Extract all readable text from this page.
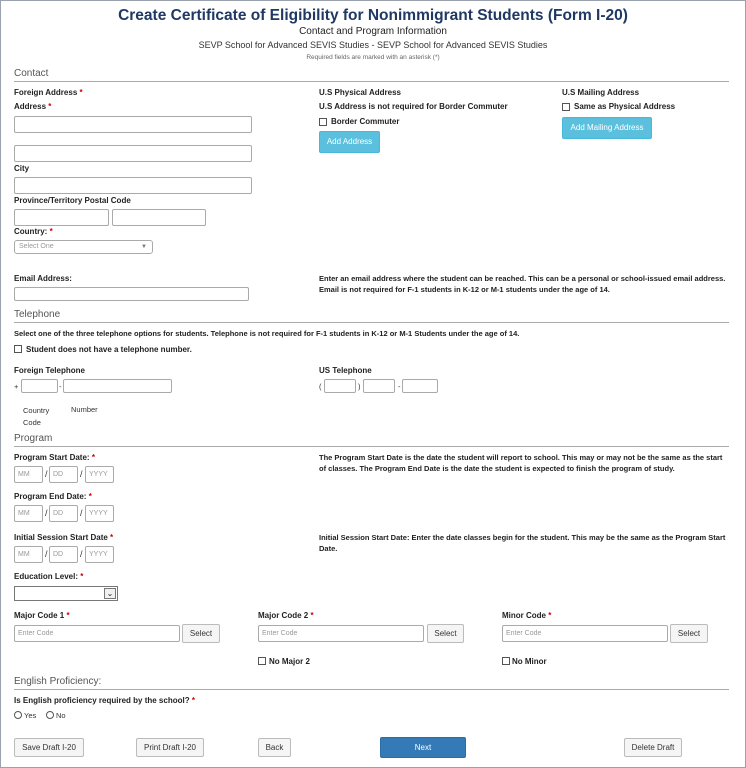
Create Certificate of Eligibility for Nonimmigrant Students (Form I-20)
Contact and Program Information
SEVP School for Advanced SEVIS Studies - SEVP School for Advanced SEVIS Studies
Required fields are marked with an asterisk (*)
Contact
Foreign Address *
Address *
City
Province/Territory Postal Code
Country: *
Select One	▼
U.S Physical Address
U.S Address is not required for Border Commuter
Border Commuter
Add Address
U.S Mailing Address
Same as Physical Address
Add Mailing Address
Email Address:	Enter an email address where the student can be reached. This can be a personal or school-issued email address. Email is not required for F-1 students in K-12 or M-1 students under the age of 14.
Telephone
Select one of the three telephone options for students. Telephone is not required for F-1 students in K-12 or M-1 Students under the age of 14.
Student does not have a telephone number.
Foreign Telephone
+	-
Country Code
Number
US Telephone
(	)	-
Program
Program Start Date: *
MM	/ DD	/ YYYY
Program End Date: *
MM	/ DD	/ YYYY
Initial Session Start Date *
MM	/ DD	/ YYYY
The Program Start Date is the date the student will report to school. This may or may not be the same as the start of classes. The Program End Date is the date the student is expected to finish the program of study.
Initial Session Start Date: Enter the date classes begin for the student. This may be the same as the Program Start Date.
Education Level: *
⌄
Major Code 1 *
Enter Code	Select
Major Code 2 *
Enter Code	Select
No Major 2
Minor Code *
Enter Code	Select
No Minor
English Proficiency:
Is English proficiency required by the school? *
Yes	No
Save Draft I-20	Print Draft I-20	Back	Next	Delete Draft
